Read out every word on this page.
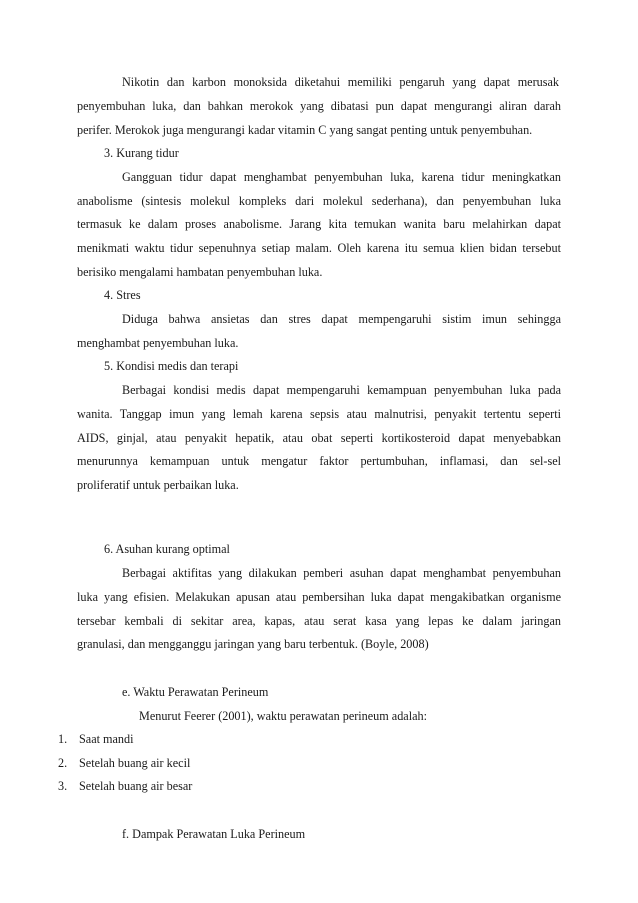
Nikotin dan karbon monoksida diketahui memiliki pengaruh yang dapat merusak
penyembuhan luka, dan bahkan merokok yang dibatasi pun dapat mengurangi aliran darah
perifer. Merokok juga mengurangi kadar vitamin C yang sangat penting untuk penyembuhan.
3. Kurang tidur
Gangguan tidur dapat menghambat penyembuhan luka, karena tidur meningkatkan
anabolisme (sintesis molekul kompleks dari molekul sederhana), dan penyembuhan luka
termasuk ke dalam proses anabolisme. Jarang kita temukan wanita baru melahirkan dapat
menikmati waktu tidur sepenuhnya setiap malam. Oleh karena itu semua klien bidan tersebut
berisiko mengalami hambatan penyembuhan luka.
4. Stres
Diduga bahwa ansietas dan stres dapat mempengaruhi sistim imun sehingga
menghambat penyembuhan luka.
5. Kondisi medis dan terapi
Berbagai kondisi medis dapat mempengaruhi kemampuan penyembuhan luka pada
wanita. Tanggap imun yang lemah karena sepsis atau malnutrisi, penyakit tertentu seperti
AIDS, ginjal, atau penyakit hepatik, atau obat seperti kortikosteroid dapat menyebabkan
menurunnya kemampuan untuk mengatur faktor pertumbuhan, inflamasi, dan sel-sel
proliferatif untuk perbaikan luka.
6. Asuhan kurang optimal
Berbagai aktifitas yang dilakukan pemberi asuhan dapat menghambat penyembuhan
luka yang efisien. Melakukan apusan atau pembersihan luka dapat mengakibatkan organisme
tersebar kembali di sekitar area, kapas, atau serat kasa yang lepas ke dalam jaringan
granulasi, dan mengganggu jaringan yang baru terbentuk. (Boyle, 2008)
e. Waktu Perawatan Perineum
Menurut Feerer (2001), waktu perawatan perineum adalah:
1. Saat mandi
2. Setelah buang air kecil
3. Setelah buang air besar
f. Dampak Perawatan Luka Perineum
